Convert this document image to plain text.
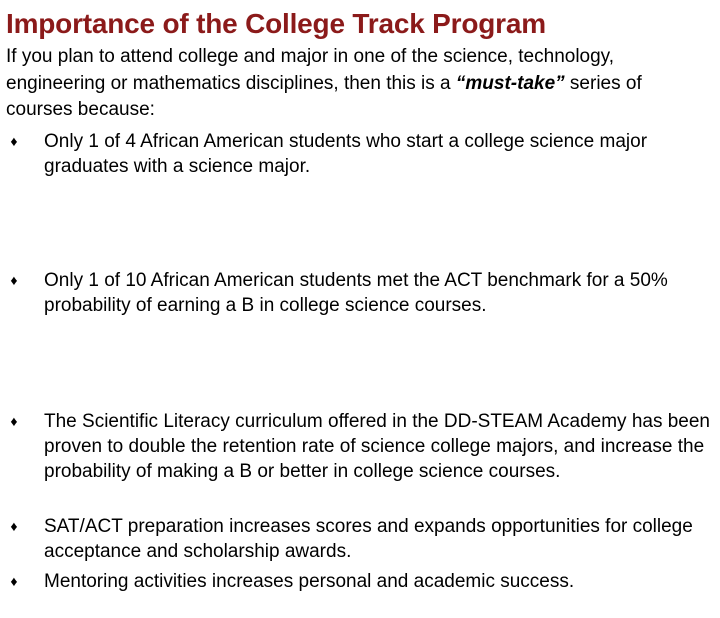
Importance of the College Track Program
If you plan to attend college and major in one of the science, technology, engineering or mathematics disciplines, then this is a “must-take” series of courses because:
♦ Only 1 of 4 African American students who start a college science major graduates with a science major.
♦ Only 1 of 10 African American students met the ACT benchmark for a 50% probability of earning a B in college science courses.
♦ The Scientific Literacy curriculum offered in the DD-STEAM Academy has been proven to double the retention rate of science college majors, and increase the probability of making a B or better in college science courses.
♦ SAT/ACT preparation increases scores and expands opportunities for college acceptance and scholarship awards.
♦ Mentoring activities increases personal and academic success.
